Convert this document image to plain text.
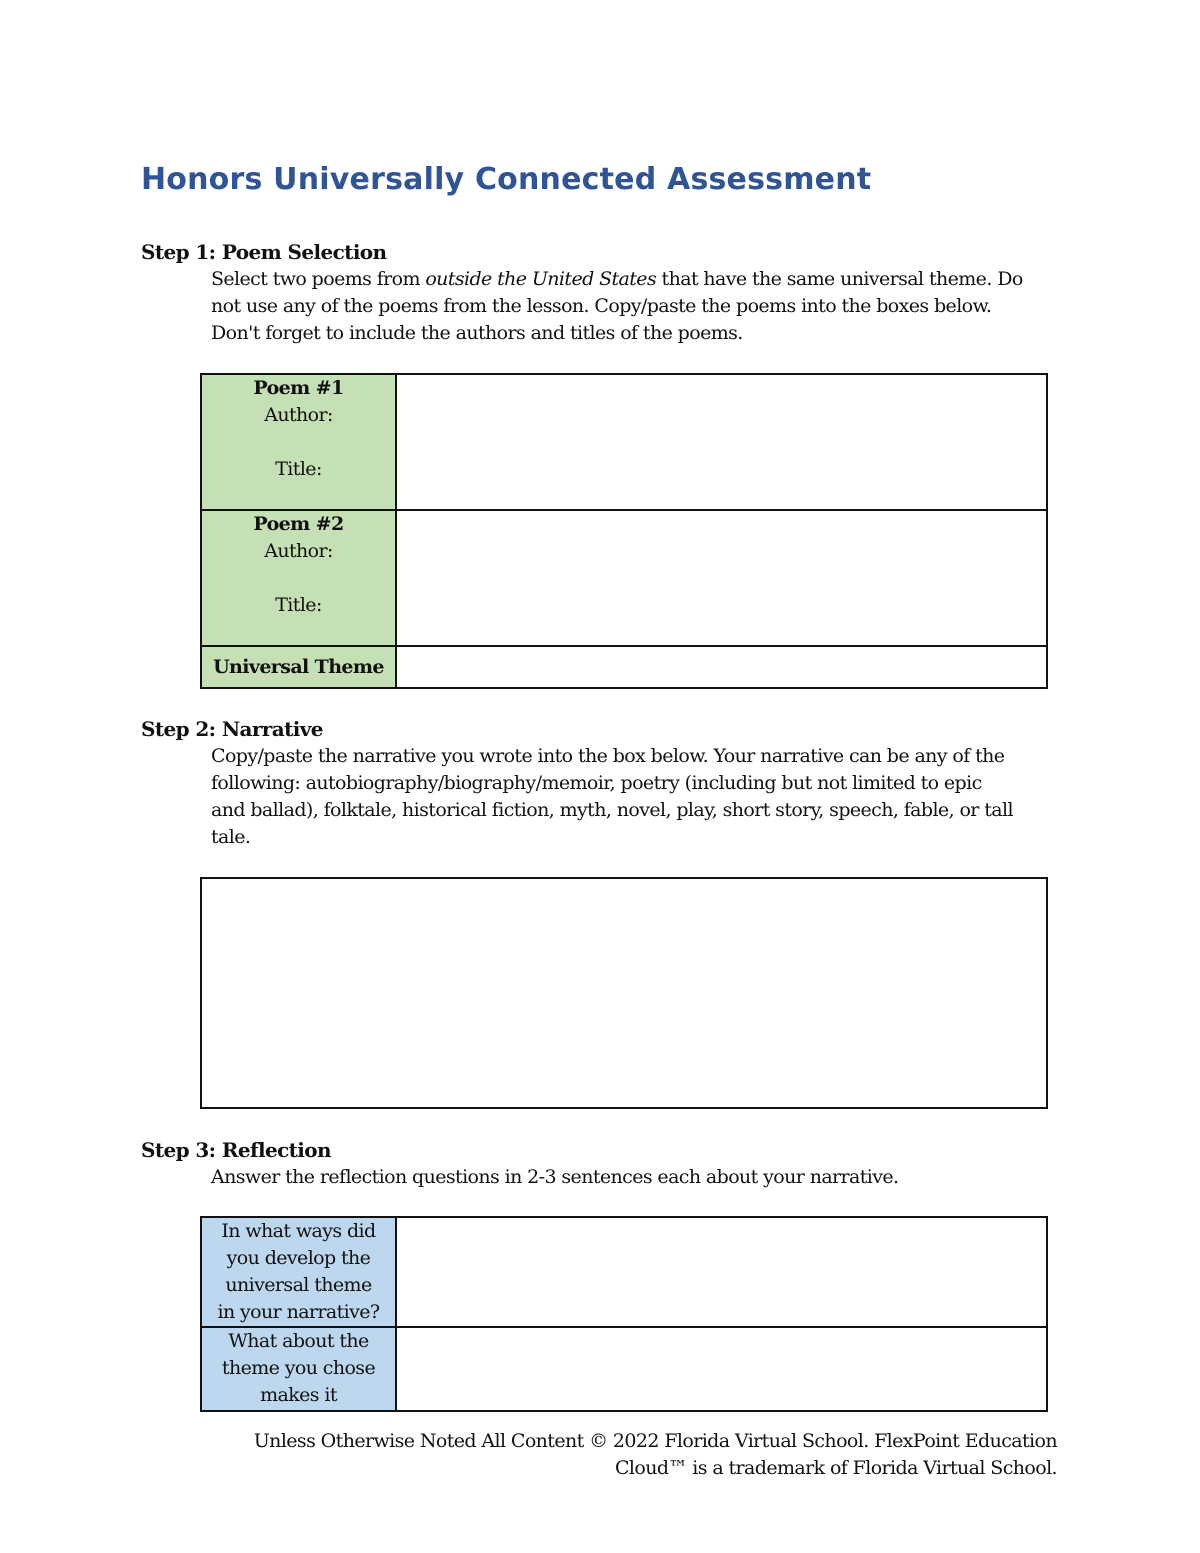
Honors Universally Connected Assessment
Step 1: Poem Selection
Select two poems from outside the United States that have the same universal theme. Do
not use any of the poems from the lesson. Copy/paste the poems into the boxes below.
Don't forget to include the authors and titles of the poems.
Poem #1
Author:

Title:	
Poem #2
Author:

Title:	
Universal Theme	
Step 2: Narrative
Copy/paste the narrative you wrote into the box below. Your narrative can be any of the
following: autobiography/biography/memoir, poetry (including but not limited to epic
and ballad), folktale, historical fiction, myth, novel, play, short story, speech, fable, or tall
tale.
Step 3: Reflection
Answer the reflection questions in 2-3 sentences each about your narrative.
In what ways did
you develop the
universal theme
in your narrative?	

What about the
theme you chose
makes it	

Unless Otherwise Noted All Content © 2022 Florida Virtual School. FlexPoint Education
Cloud™ is a trademark of Florida Virtual School.
